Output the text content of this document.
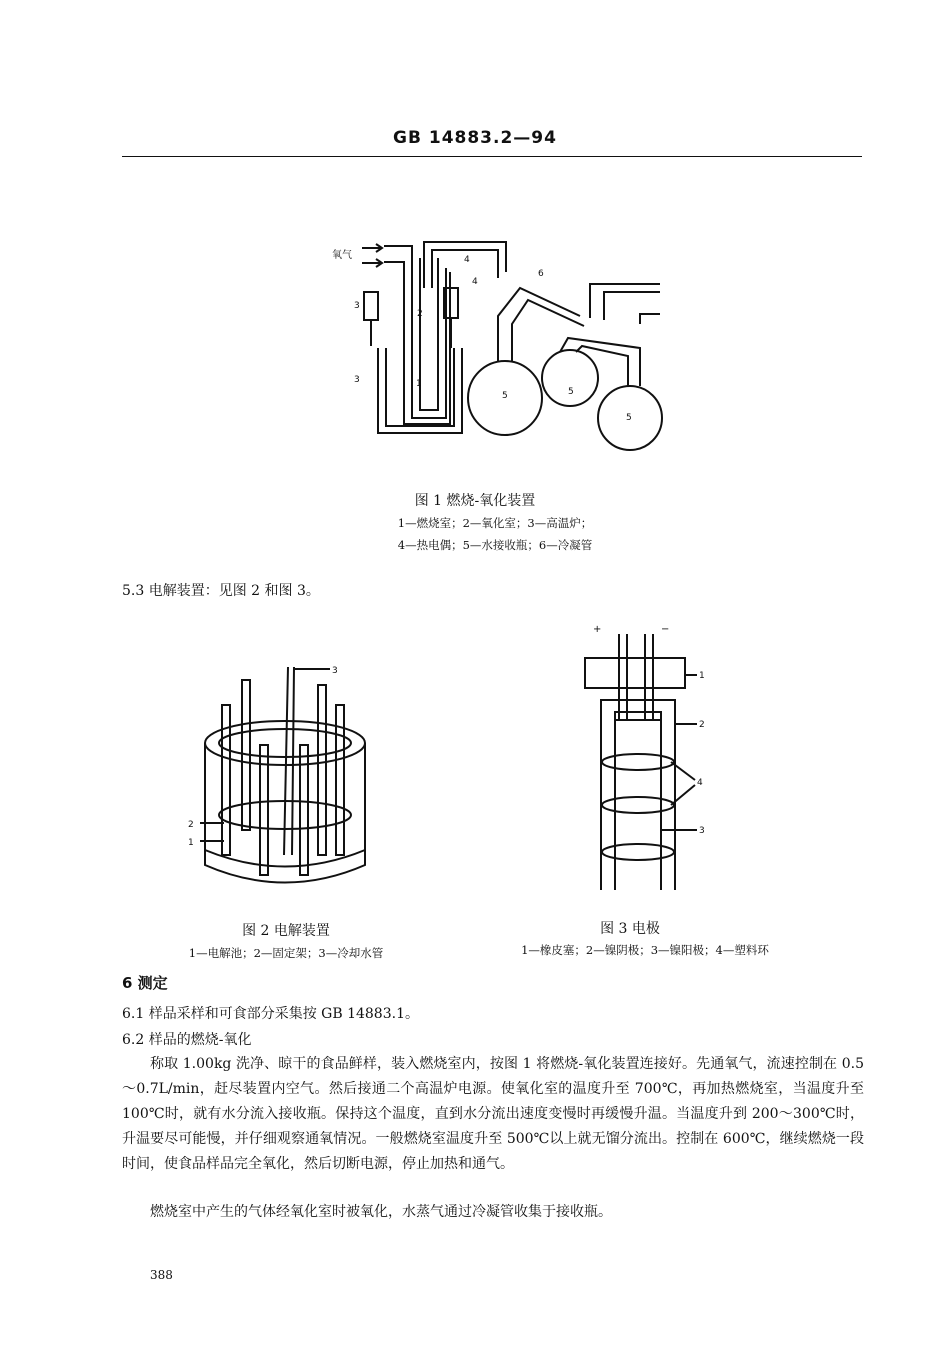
GB 14883.2—94
氧气
1
2
3
3
4
4
5	5
5
6
图 1 燃烧-氧化装置
1—燃烧室；2—氧化室；3—高温炉；
4—热电偶；5—水接收瓶；6—冷凝管
5.3 电解装置：见图 2 和图 3。
3
2
1
图 2 电解装置
1—电解池；2—固定架；3—冷却水管
+	−
1
2
3
4
图 3 电极
1—橡皮塞；2—镍阴极；3—镍阳极；4—塑料环
6 测定
6.1 样品采样和可食部分采集按 GB 14883.1。
6.2 样品的燃烧-氧化
称取 1.00kg 洗净、晾干的食品鲜样，装入燃烧室内，按图 1 将燃烧-氧化装置连接好。先通氧气，流速控制在 0.5～0.7L/min，赶尽装置内空气。然后接通二个高温炉电源。使氧化室的温度升至 700℃，再加热燃烧室，当温度升至 100℃时，就有水分流入接收瓶。保持这个温度，直到水分流出速度变慢时再缓慢升温。当温度升到 200～300℃时，升温要尽可能慢，并仔细观察通氧情况。一般燃烧室温度升至 500℃以上就无馏分流出。控制在 600℃，继续燃烧一段时间，使食品样品完全氧化，然后切断电源，停止加热和通气。
燃烧室中产生的气体经氧化室时被氧化，水蒸气通过冷凝管收集于接收瓶。
388
